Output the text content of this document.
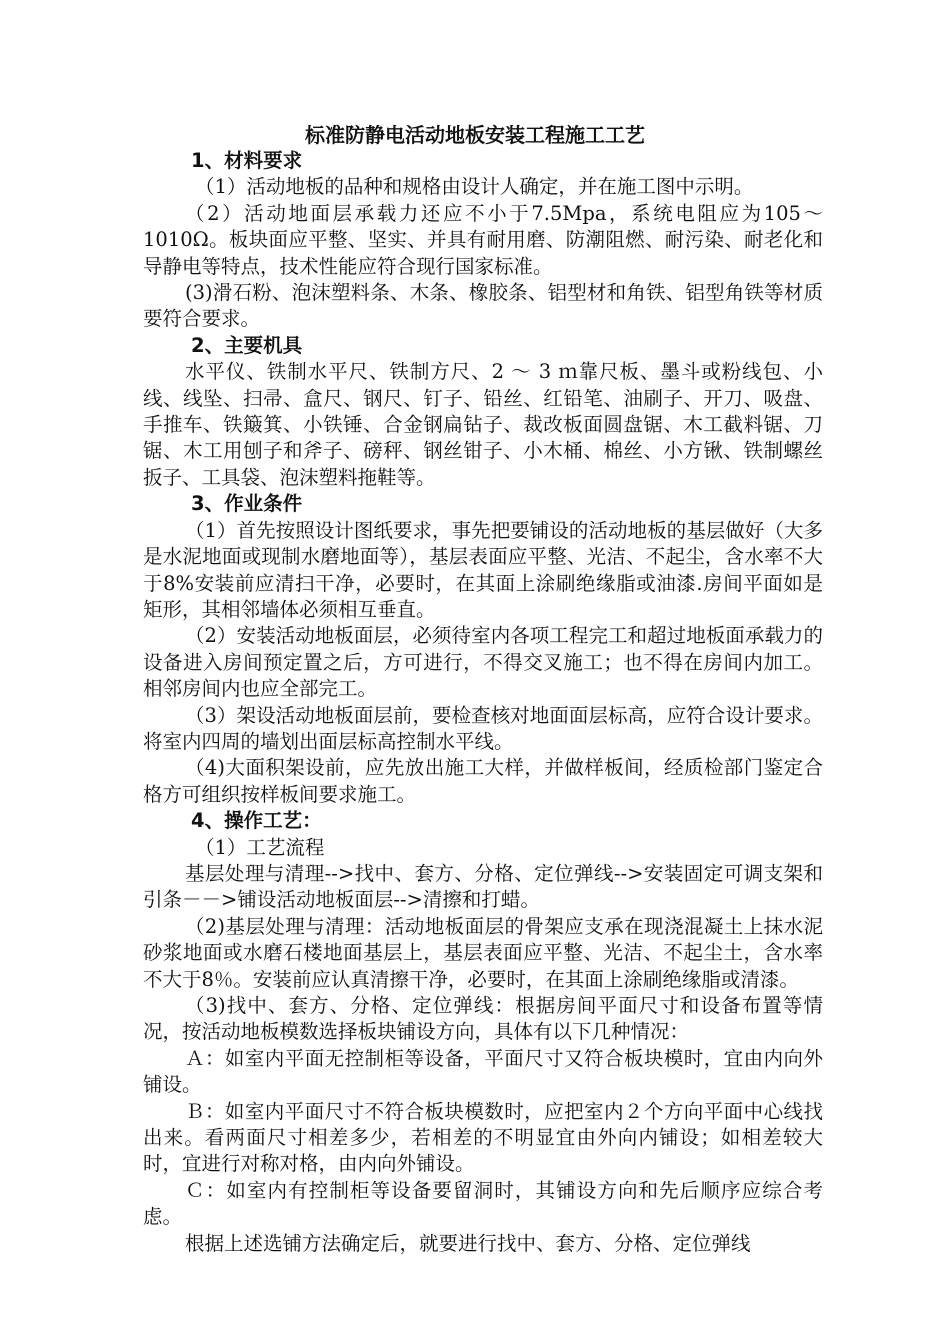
标准防静电活动地板安装工程施工工艺

1、材料要求

（1）活动地板的品种和规格由设计人确定，并在施工图中示明。

（2）活动地面层承载力还应不小于7.5Mpa，系统电阻应为105～1010Ω。板块面应平整、坚实、并具有耐用磨、防潮阻燃、耐污染、耐老化和导静电等特点，技术性能应符合现行国家标准。

(3)滑石粉、泡沫塑料条、木条、橡胶条、铝型材和角铁、铝型角铁等材质要符合要求。

2、主要机具

水平仪、铁制水平尺、铁制方尺、2 ～ 3 ｍ靠尺板、墨斗或粉线包、小线、线坠、扫帚、盒尺、钢尺、钉子、铅丝、红铅笔、油刷子、开刀、吸盘、手推车、铁簸箕、小铁锤、合金钢扁钻子、裁改板面圆盘锯、木工截料锯、刀锯、木工用刨子和斧子、磅秤、钢丝钳子、小木桶、棉丝、小方锹、铁制螺丝扳子、工具袋、泡沫塑料拖鞋等。

3、作业条件

（1）首先按照设计图纸要求，事先把要铺设的活动地板的基层做好（大多是水泥地面或现制水磨地面等），基层表面应平整、光洁、不起尘，含水率不大于8%安装前应清扫干净，必要时，在其面上涂刷绝缘脂或油漆.房间平面如是矩形，其相邻墙体必须相互垂直。

（2）安装活动地板面层，必须待室内各项工程完工和超过地板面承载力的设备进入房间预定置之后，方可进行，不得交叉施工；也不得在房间内加工。相邻房间内也应全部完工。

（3）架设活动地板面层前，要检查核对地面面层标高，应符合设计要求。将室内四周的墙划出面层标高控制水平线。

（4)大面积架设前，应先放出施工大样，并做样板间，经质检部门鉴定合格方可组织按样板间要求施工。

4、操作工艺：

（1）工艺流程

基层处理与清理-->找中、套方、分格、定位弹线-->安装固定可调支架和引条－－>铺设活动地板面层-->清擦和打蜡。

（2)基层处理与清理：活动地板面层的骨架应支承在现浇混凝土上抹水泥砂浆地面或水磨石楼地面基层上，基层表面应平整、光洁、不起尘土，含水率不大于8％。安装前应认真清擦干净，必要时，在其面上涂刷绝缘脂或清漆。

（3)找中、套方、分格、定位弹线：根据房间平面尺寸和设备布置等情况，按活动地板模数选择板块铺设方向，具体有以下几种情况：

Ａ：如室内平面无控制柜等设备，平面尺寸又符合板块模时，宜由内向外铺设。

Ｂ：如室内平面尺寸不符合板块模数时，应把室内２个方向平面中心线找出来。看两面尺寸相差多少，若相差的不明显宜由外向内铺设；如相差较大时，宜进行对称对格，由内向外铺设。

Ｃ：如室内有控制柜等设备要留洞时，其铺设方向和先后顺序应综合考虑。

根据上述选铺方法确定后，就要进行找中、套方、分格、定位弹线
